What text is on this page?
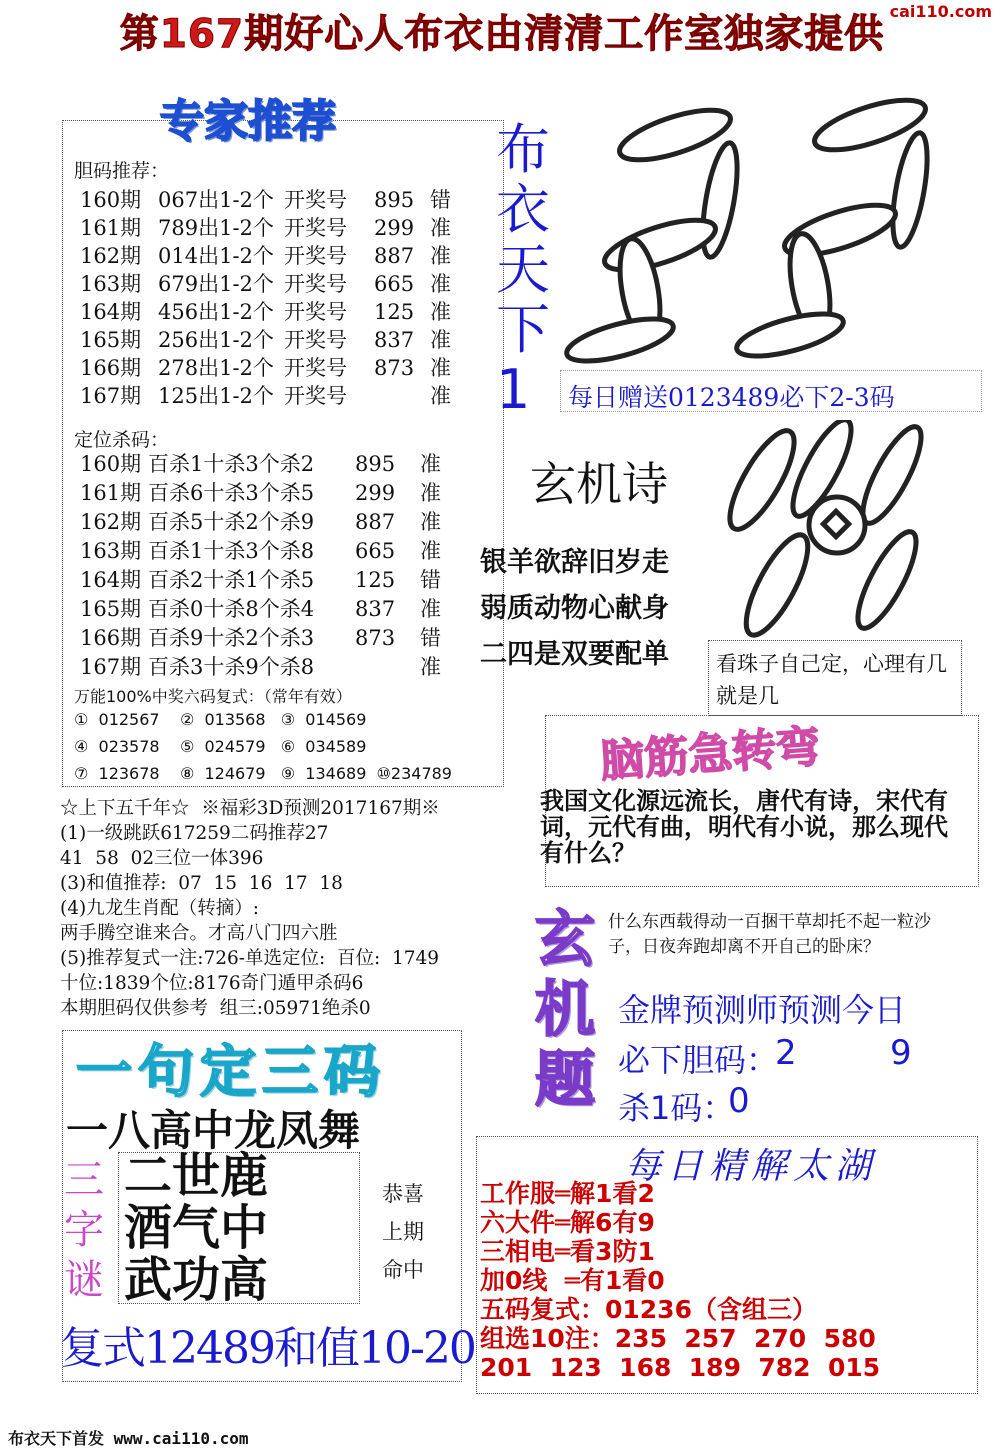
第167期好心人布衣由清清工作室独家提供
cai110.com
专家推荐
胆码推荐：
160期 067出1-2个 开奖号 895 错
161期 789出1-2个 开奖号 299 准
162期 014出1-2个 开奖号 887 准
163期 679出1-2个 开奖号 665 准
164期 456出1-2个 开奖号 125 准
165期 256出1-2个 开奖号 837 准
166期 278出1-2个 开奖号 873 准
167期 125出1-2个 开奖号	准
定位杀码：
160期 百杀1十杀3个杀2 895 准
161期 百杀6十杀3个杀5 299 准
162期 百杀5十杀2个杀9 887 准
163期 百杀1十杀3个杀8 665 准
164期 百杀2十杀1个杀5 125 错
165期 百杀0十杀8个杀4 837 准
166期 百杀9十杀2个杀3 873 错
167期 百杀3十杀9个杀8	准
万能100%中奖六码复式：（常年有效）
①  012567    ②  013568   ③  014569
④  023578    ⑤  024579   ⑥  034589
⑦  123678    ⑧  124679   ⑨  134689  ⑩234789
布
衣
天
下
1 每日赠送0123489必下2-3码
玄机诗
银羊欲辞旧岁走
弱质动物心献身
二四是双要配单 看珠子自己定，心理有几就是几
脑筋急转弯
我国文化源远流长，唐代有诗，宋代有词，元代有曲，明代有小说，那么现代有什么？
☆上下五千年☆  ※福彩3D预测2017167期※
(1)一级跳跃617259二码推荐27
41  58  02三位一体396
(3)和值推荐:  07  15  16  17  18
(4)九龙生肖配（转摘）:
两手腾空谁来合。才高八门四六胜
(5)推荐复式一注:726-单选定位:  百位:  1749
十位:1839个位:8176奇门遁甲杀码6
本期胆码仅供参考  组三:05971绝杀0
玄
机
题
什么东西载得动一百捆干草却托不起一粒沙子，日夜奔跑却离不开自己的卧床？
金牌预测师预测今日
必下胆码：
2	9
杀1码：
0
一句定三码
一八高中龙凤舞
三
字
谜
二世鹿
酒气中
武功高
恭喜
上期
命中
复式12489和值10-20
每日精解太湖
工作服═解1看2
六大件═解6有9
三相电═看3防1
加0线  ═有1看0
五码复式：01236（含组三）
组选10注：235  257  270  580
201  123  168  189  782  015
布衣天下首发 www.cai110.com
